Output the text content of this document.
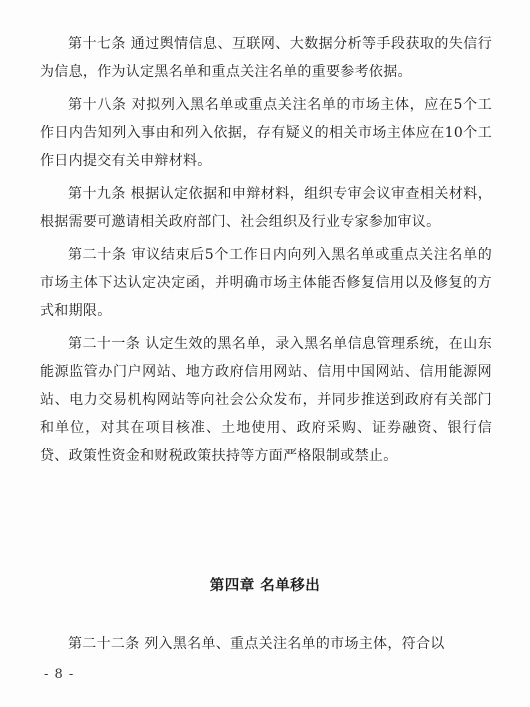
第十七条 通过舆情信息、互联网、大数据分析等手段获取的失信行为信息，作为认定黑名单和重点关注名单的重要参考依据。

第十八条 对拟列入黑名单或重点关注名单的市场主体，应在5个工作日内告知列入事由和列入依据，存有疑义的相关市场主体应在10个工作日内提交有关申辩材料。

第十九条 根据认定依据和申辩材料，组织专审会议审查相关材料，根据需要可邀请相关政府部门、社会组织及行业专家参加审议。

第二十条 审议结束后5个工作日内向列入黑名单或重点关注名单的市场主体下达认定决定函，并明确市场主体能否修复信用以及修复的方式和期限。

第二十一条 认定生效的黑名单，录入黑名单信息管理系统，在山东能源监管办门户网站、地方政府信用网站、信用中国网站、信用能源网站、电力交易机构网站等向社会公众发布，并同步推送到政府有关部门和单位，对其在项目核准、土地使用、政府采购、证券融资、银行信贷、政策性资金和财税政策扶持等方面严格限制或禁止。

第四章 名单移出

第二十二条 列入黑名单、重点关注名单的市场主体，符合以

- 8 -
